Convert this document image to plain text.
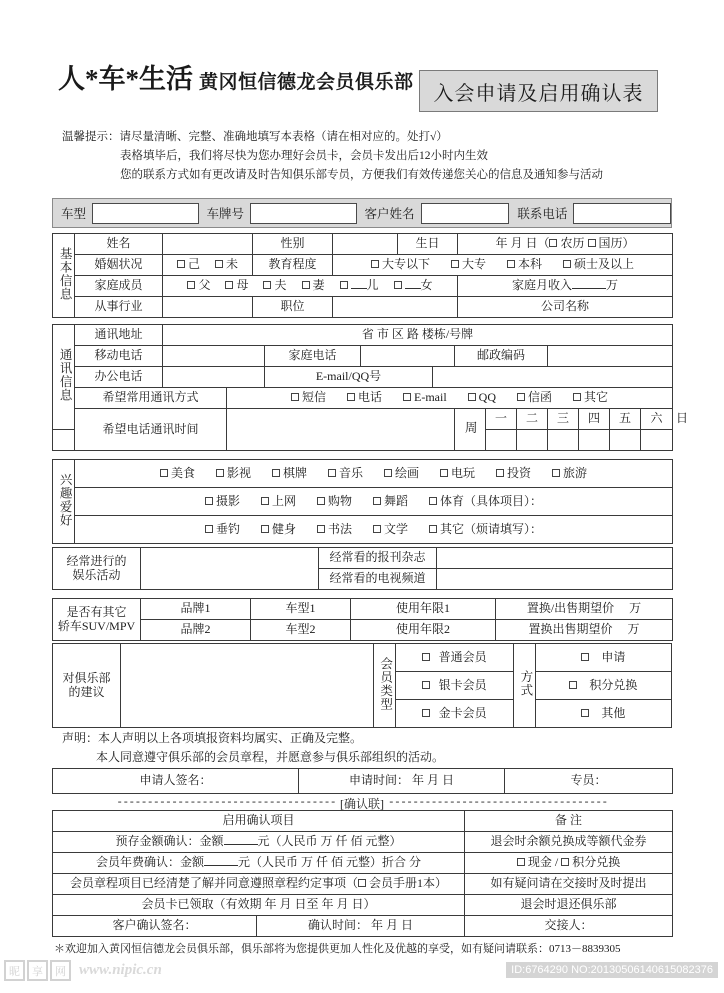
人*车*生活 黄冈恒信德龙会员俱乐部 入会申请及启用确认表
温馨提示：请尽量清晰、完整、准确地填写本表格（请在相对应的。处打√）
表格填毕后，我们将尽快为您办理好会员卡，会员卡发出后12小时内生效
您的联系方式如有更改请及时告知俱乐部专员，方便我们有效传递您关心的信息及通知参与活动
车型	车牌号	客户姓名	联系电话
基本信息	姓名		性别		生日	年 月 日（ 农历 国历）	
	婚姻状况	己 未	教育程度	大专以下 大专 本科 硕士及以上			
	家庭成员	父 母 夫 妻 儿 女				家庭月收入 万	
	从事行业		职位			公司名称	
通讯信息	通讯地址	省 市 区 路 楼栋/号牌												
	移动电话			家庭电话			邮政编码							
	办公电话			E-mail/QQ号										
	希望常用通讯方式		短信 电话 E-mail QQ 信函 其它											
	希望电话通讯时间						周	一	二	三	四	五	六	日

兴趣爱好	美食	影视	棋牌	音乐	绘画	电玩	投资	旅游
摄影	上网	购物	舞蹈	体育（具体项目）：
垂钓	健身	书法	文学	其它（烦请填写）：
经常进行的
娱乐活动		经常看的报刊杂志	
		经常看的电视频道	
是否有其它
轿车SUV/MPV	品牌1	车型1	使用年限1	置换/出售期望价 万
	品牌2	车型2	使用年限2	置换出售期望价 万
对俱乐部
的建议		会员类型	普通会员	方式	申请
			银卡会员		积分兑换
			金卡会员		其他
声明：本人声明以上各项填报资料均属实、正确及完整。
本人同意遵守俱乐部的会员章程，并愿意参与俱乐部组织的活动。
申请人签名：	申请时间： 年 月 日	专员：
------------------------------------ [确认联] ------------------------------------
启用确认项目		备 注
预存金额确认：金额 元（人民币 万 仟 佰 元整）		退会时余额兑换成等额代金券
会员年费确认：金额 元（人民币 万 仟 佰 元整）折合 分		现金 / 积分兑换
会员章程项目已经清楚了解并同意遵照章程约定事项（ 会员手册1本）		如有疑问请在交接时及时提出
会员卡已领取（有效期 年 月 日至 年 月 日）		退会时退还俱乐部
客户确认签名：	确认时间： 年 月 日	交接人：
＊欢迎加入黄冈恒信德龙会员俱乐部，俱乐部将为您提供更加人性化及优越的享受，如有疑问请联系：0713－8839305
昵	享	网 www.nipic.cn	ID:6764290 NO:20130506140615082376
